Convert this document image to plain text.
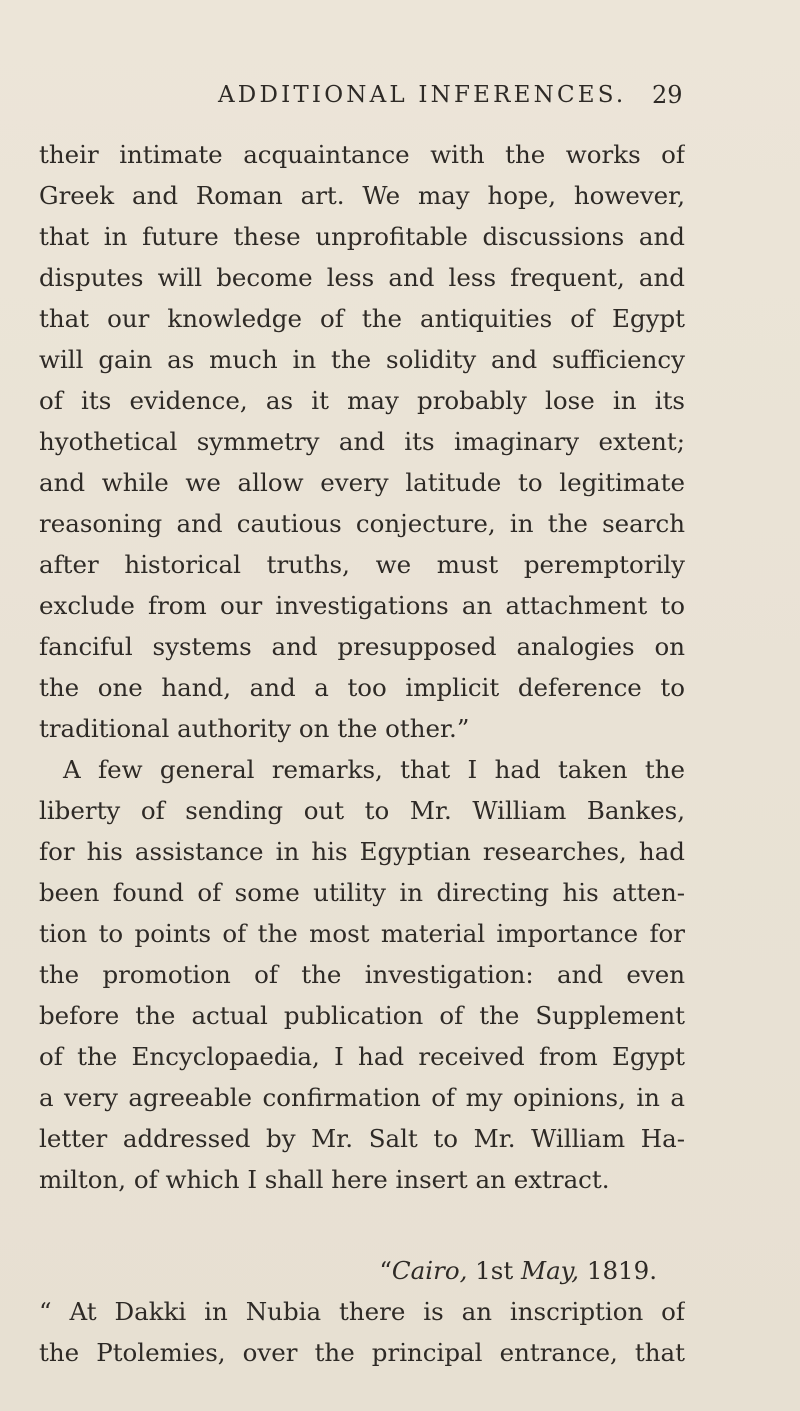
ADDITIONAL INFERENCES. 29
their intimate acquaintance with the works of
Greek and Roman art. We may hope, however,
that in future these unprofitable discussions and
disputes will become less and less frequent, and
that our knowledge of the antiquities of Egypt
will gain as much in the solidity and sufficiency
of its evidence, as it may probably lose in its
hyothetical symmetry and its imaginary extent;
and while we allow every latitude to legitimate
reasoning and cautious conjecture, in the search
after historical truths, we must peremptorily
exclude from our investigations an attachment to
fanciful systems and presupposed analogies on
the one hand, and a too implicit deference to
traditional authority on the other.”
A few general remarks, that I had taken the
liberty of sending out to Mr. William Bankes,
for his assistance in his Egyptian researches, had
been found of some utility in directing his atten-
tion to points of the most material importance for
the promotion of the investigation: and even
before the actual publication of the Supplement
of the Encyclopaedia, I had received from Egypt
a very agreeable confirmation of my opinions, in a
letter addressed by Mr. Salt to Mr. William Ha-
milton, of which I shall here insert an extract.
“Cairo, 1st May, 1819.
“ At Dakki in Nubia there is an inscription of
the Ptolemies, over the principal entrance, that
